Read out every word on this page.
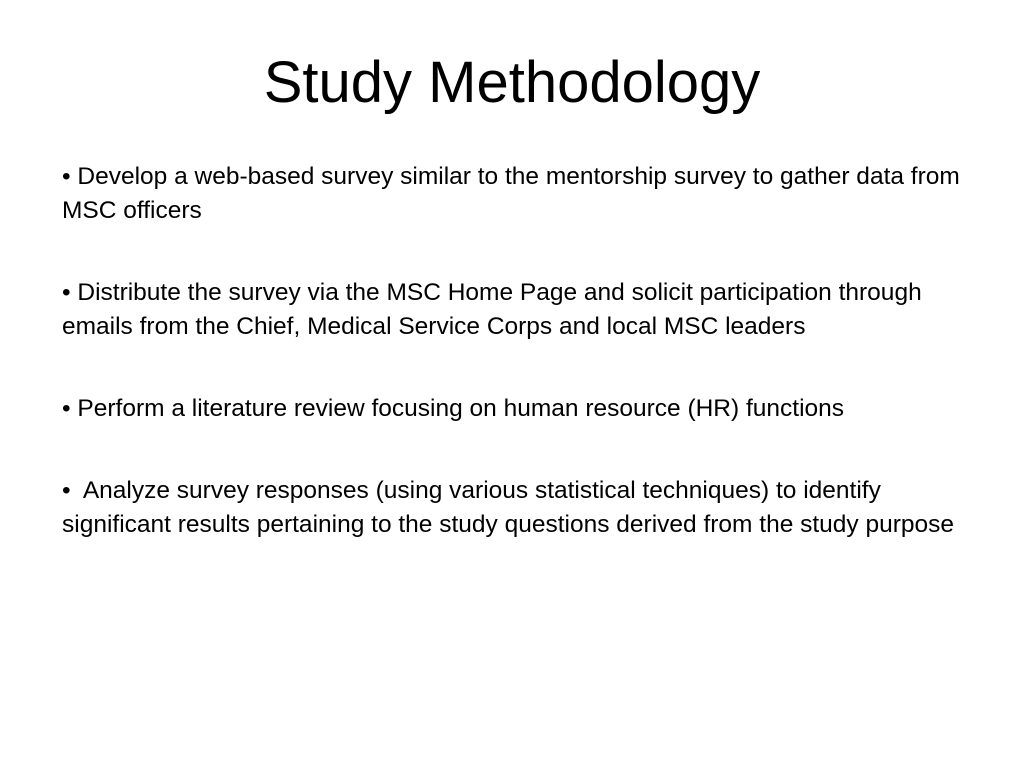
Study Methodology
• Develop a web-based survey similar to the mentorship survey to gather data from MSC officers
• Distribute the survey via the MSC Home Page and solicit participation through emails from the Chief, Medical Service Corps and local MSC leaders
• Perform a literature review focusing on human resource (HR) functions
•  Analyze survey responses (using various statistical techniques) to identify significant results pertaining to the study questions derived from the study purpose
